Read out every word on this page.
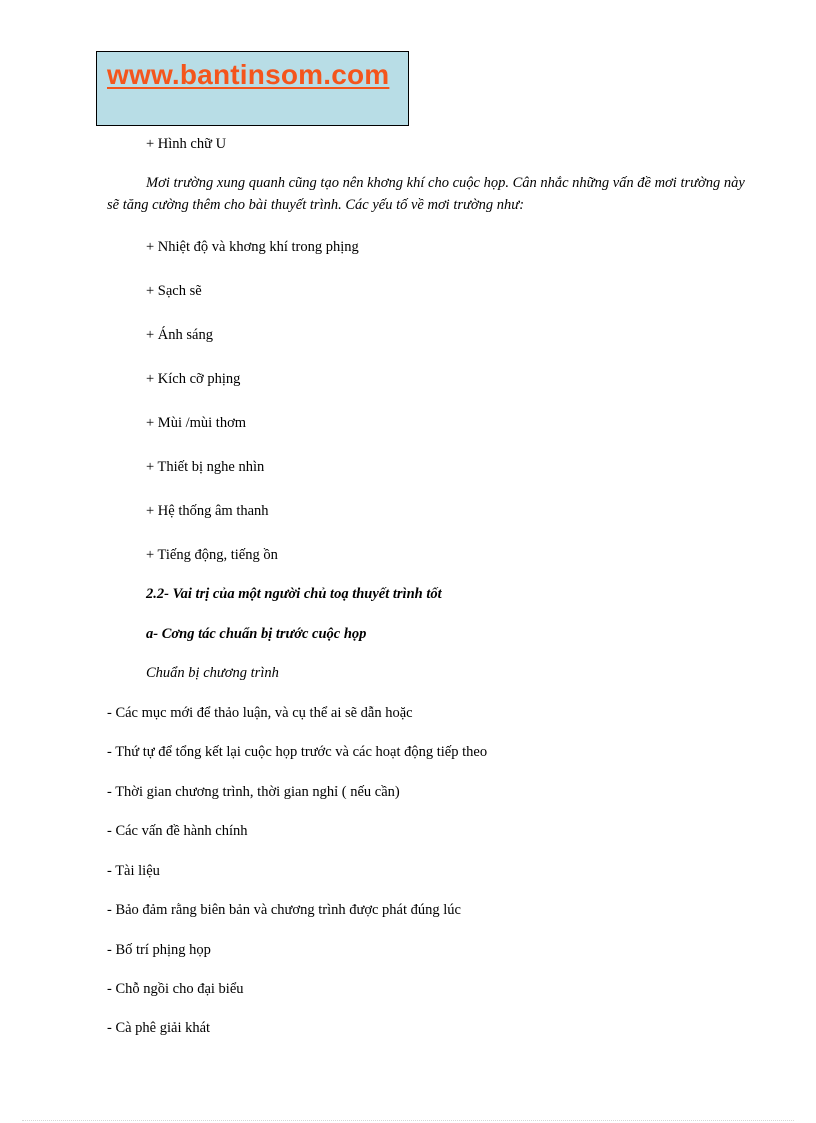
www.bantinsom.com
+ Hình chữ U
Mơi trường xung quanh cũng tạo nên khơng khí cho cuộc họp. Cân nhắc những vấn đề mơi trường này sẽ tăng cường thêm cho bài thuyết trình. Các yếu tố về mơi trường như:
+ Nhiệt độ và khơng khí trong phịng
+ Sạch sẽ
+ Ánh sáng
+ Kích cỡ phịng
+ Mùi /mùi thơm
+ Thiết bị nghe nhìn
+ Hệ thống âm thanh
+ Tiếng động, tiếng ồn
2.2- Vai trị của một người chủ toạ thuyết trình tốt
a- Cơng tác chuẩn bị trước cuộc họp
Chuẩn bị chương trình
- Các mục mới để thảo luận, và cụ thể ai sẽ dẫn hoặc
- Thứ tự để tổng kết lại cuộc họp trước và các hoạt động tiếp theo
- Thời gian chương trình, thời gian nghỉ ( nếu cần)
- Các vấn đề hành chính
- Tài liệu
- Bảo đảm rằng biên bản và chương trình được phát đúng lúc
- Bố trí phịng họp
- Chỗ ngồi cho đại biểu
- Cà phê giải khát
